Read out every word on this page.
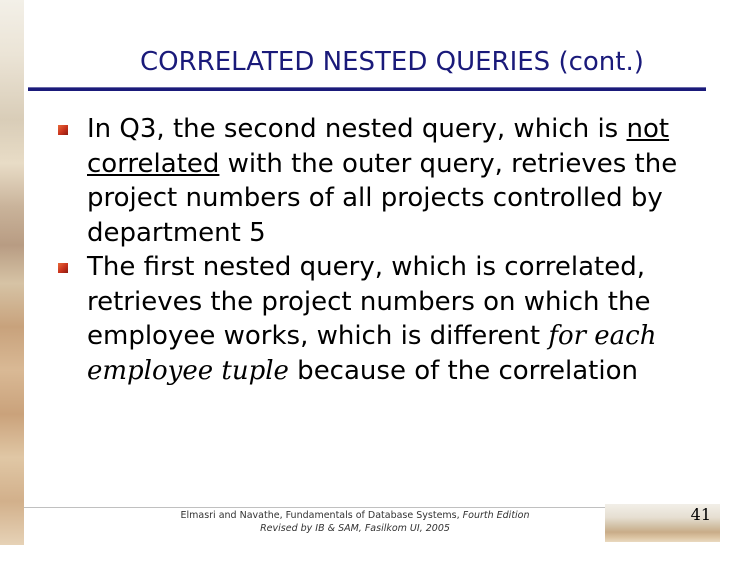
CORRELATED NESTED QUERIES (cont.)
In Q3, the second nested query, which is not correlated with the outer query, retrieves the project numbers of all projects controlled by department 5
The first nested query, which is correlated, retrieves the project numbers on which the employee works, which is different for each employee tuple because of the correlation
Elmasri and Navathe, Fundamentals of Database Systems, Fourth Edition
Revised by IB & SAM, Fasilkom UI, 2005
41
